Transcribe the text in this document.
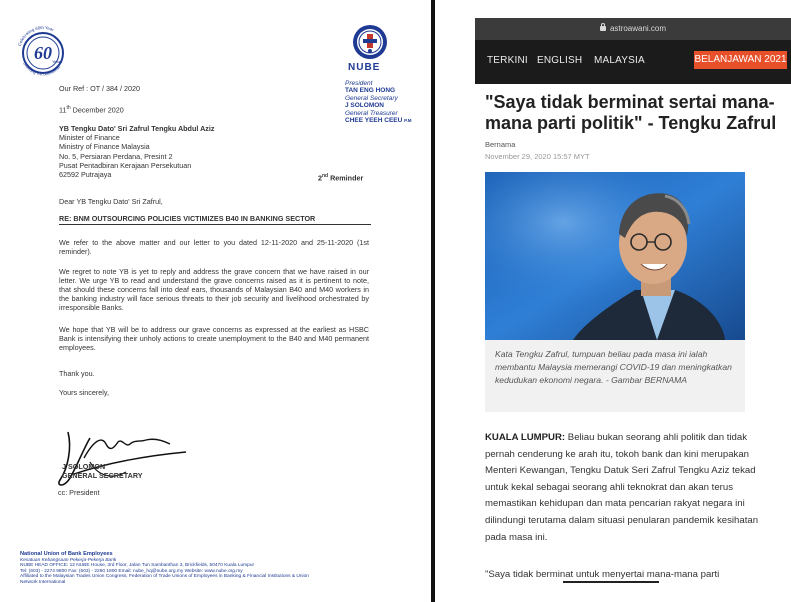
60 Years
Celebrating 60th Year
Defending The Defenceless	NUBE
President
TAN ENG HONG
General Secretary
J SOLOMON
General Treasurer
CHEE YEEH CEEU P.M
Our Ref : OT / 384 / 2020
11th December 2020
YB Tengku Dato' Sri Zafrul Tengku Abdul Aziz
Minister of Finance
Ministry of Finance Malaysia
No. 5, Persiaran Perdana, Presint 2
Pusat Pentadbiran Kerajaan Persekutuan
62592 Putrajaya	2nd Reminder
Dear YB Tengku Dato' Sri Zafrul,
RE: BNM OUTSOURCING POLICIES VICTIMIZES B40 IN BANKING SECTOR
We refer to the above matter and our letter to you dated 12-11-2020 and 25-11-2020 (1st reminder).
We regret to note YB is yet to reply and address the grave concern that we have raised in our letter. We urge YB to read and understand the grave concerns raised as it is pertinent to note, that should these concerns fall into deaf ears, thousands of Malaysian B40 and M40 workers in the banking industry will face serious threats to their job security and livelihood orchestrated by irresponsible Banks.
We hope that YB will be to address our grave concerns as expressed at the earliest as HSBC Bank is intensifying their unholy actions to create unemployment to the B40 and M40 permanent employees.
Thank you.
Yours sincerely,
J SOLOMON
GENERAL SECRETARY
cc: President
National Union of Bank Employees
Kesatuan Kebangsaan Pekerja-Pekerja Bank
NUBE HEAD OFFICE: 12 NUBE House, 3rd Floor, Jalan Tun Sambanthan 3, Brickfields, 50470 Kuala Lumpur
Tel: (603) - 2274 9800 Fax: (603) - 2260 1800 Email: nube_hq@nube.org.my Website: www.nube.org.my
Affiliated to the Malaysian Trades Union Congress, Federation of Trade Unions of Employees in Banking & Financial Institutions & Union Network International
astroawani.com
TERKINI ENGLISH MALAYSIA	BELANJAWAN 2021
"Saya tidak berminat sertai mana-mana parti politik" - Tengku Zafrul
Bernama
November 29, 2020 15:57 MYT
Kata Tengku Zafrul, tumpuan beliau pada masa ini ialah membantu Malaysia memerangi COVID-19 dan meningkatkan kedudukan ekonomi negara. - Gambar BERNAMA
KUALA LUMPUR: Beliau bukan seorang ahli politik dan tidak pernah cenderung ke arah itu, tokoh bank dan kini merupakan Menteri Kewangan, Tengku Datuk Seri Zafrul Tengku Aziz tekad untuk kekal sebagai seorang ahli teknokrat dan akan terus memastikan kehidupan dan mata pencarian rakyat negara ini dilindungi terutama dalam situasi penularan pandemik kesihatan pada masa ini.
"Saya tidak berminat untuk menyertai mana-mana parti
